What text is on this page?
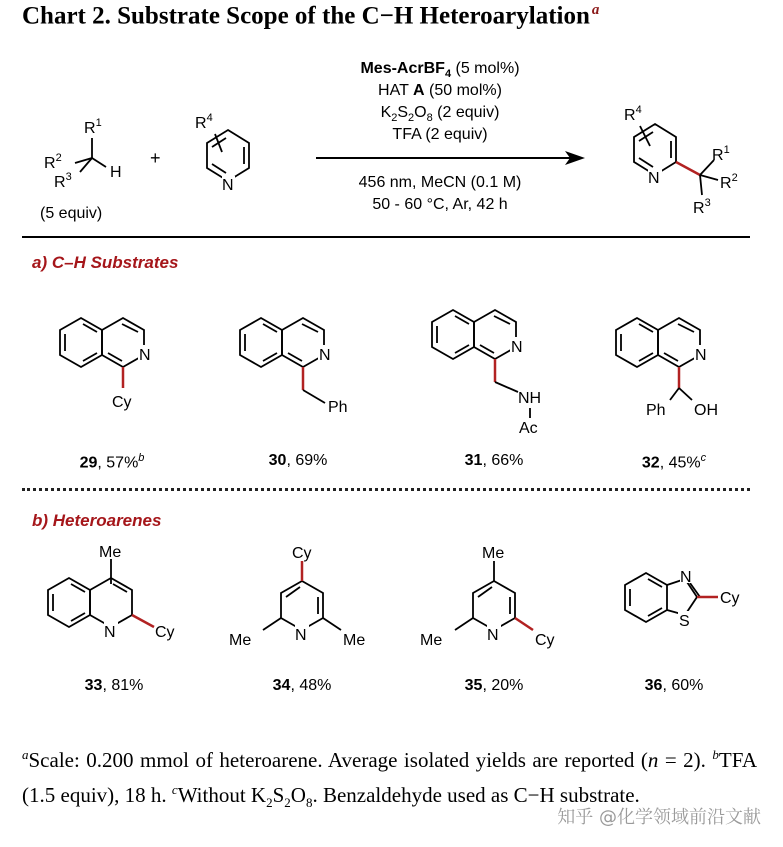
Chart 2. Substrate Scope of the C−H Heteroarylation $^a$
$R^1$
$R^2$
$R^3$ H
(5 equiv)
+
N
$R^4$
Mes-AcrBF$_4$ (5 mol%)
HAT A (50 mol%)
$K_2S_2O_8$ (2 equiv)
TFA (2 equiv)
456 nm, MeCN (0.1 M)
50 - 60 °C, Ar, 42 h
N
$R^4$
$R^1$
$R^2$
$R^3$
a) C–H Substrates
N
Cy
N
Ph
N
NH
Ac
N
Ph OH
29, 57%$^b$	30, 69%	31, 66%	32, 45%$^c$
b) Heteroarenes
N
Me
Cy	N
Cy
Me	Me	N
Me
Me	Cy
N
S
Cy
33, 81%	34, 48%	35, 20%	36, 60%
$^a$Scale: 0.200 mmol of heteroarene. Average isolated yields are reported (n = 2). $^b$TFA (1.5 equiv), 18 h. $^c$Without $K_2S_2O_8$. Benzaldehyde used as C−H substrate.
知乎 @化学领域前沿文献
